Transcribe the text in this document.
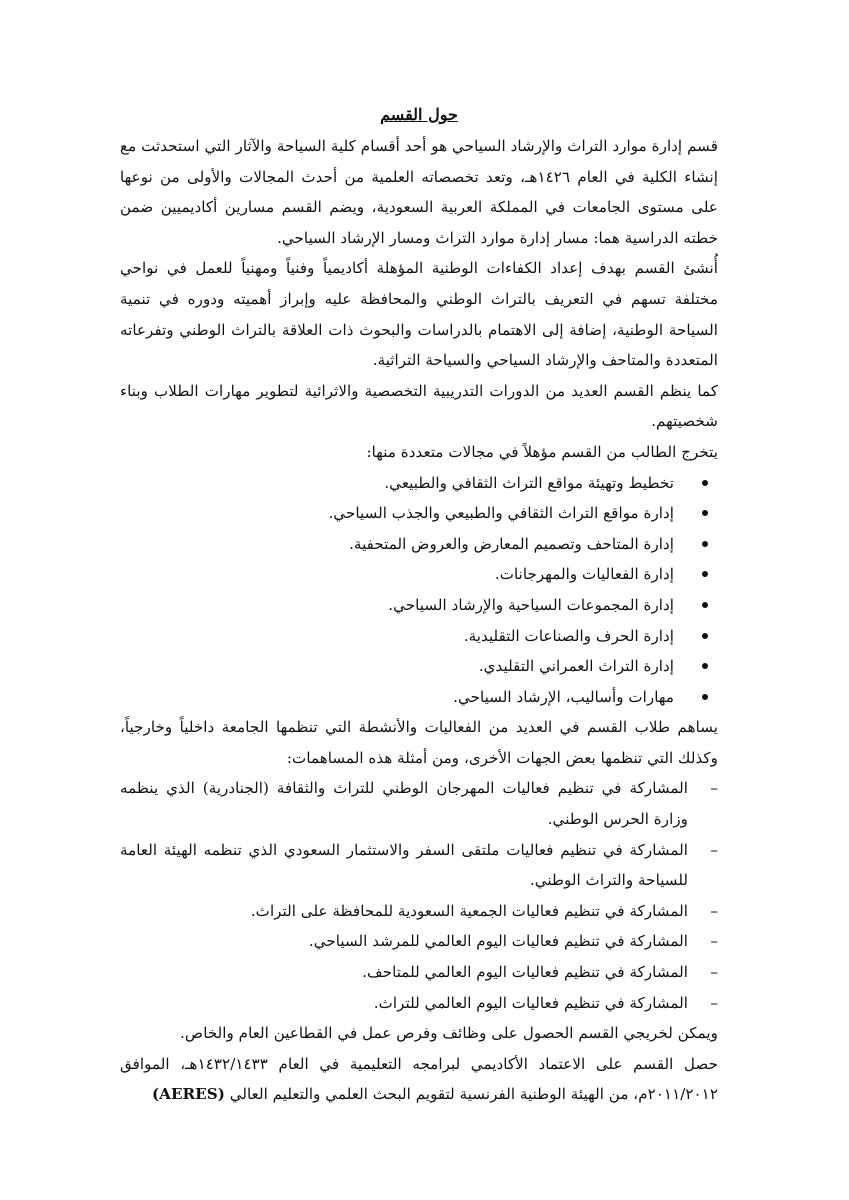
حول القسم

قسم إدارة موارد التراث والإرشاد السياحي هو أحد أقسام كلية السياحة والآثار التي استحدثت مع إنشاء الكلية في العام ١٤٢٦هـ، وتعد تخصصاته العلمية من أحدث المجالات والأولى من نوعها على مستوى الجامعات في المملكة العربية السعودية، ويضم القسم مسارين أكاديميين ضمن خطته الدراسية هما: مسار إدارة موارد التراث ومسار الإرشاد السياحي.

أُنشئ القسم بهدف إعداد الكفاءات الوطنية المؤهلة أكاديمياً وفنياً ومهنياً للعمل في نواحي مختلفة تسهم في التعريف بالتراث الوطني والمحافظة عليه وإبراز أهميته ودوره في تنمية السياحة الوطنية، إضافة إلى الاهتمام بالدراسات والبحوث ذات العلاقة بالتراث الوطني وتفرعاته المتعددة والمتاحف والإرشاد السياحي والسياحة التراثية.

كما ينظم القسم العديد من الدورات التدريبية التخصصية والاثرائية لتطوير مهارات الطلاب وبناء شخصيتهم.

يتخرج الطالب من القسم مؤهلاً في مجالات متعددة منها:

تخطيط وتهيئة مواقع التراث الثقافي والطبيعي.
إدارة مواقع التراث الثقافي والطبيعي والجذب السياحي.
إدارة المتاحف وتصميم المعارض والعروض المتحفية.
إدارة الفعاليات والمهرجانات.
إدارة المجموعات السياحية والإرشاد السياحي.
إدارة الحرف والصناعات التقليدية.
إدارة التراث العمراني التقليدي.
مهارات وأساليب، الإرشاد السياحي.

يساهم طلاب القسم في العديد من الفعاليات والأنشطة التي تنظمها الجامعة داخلياً وخارجياً، وكذلك التي تنظمها بعض الجهات الأخرى، ومن أمثلة هذه المساهمات:

–
المشاركة في تنظيم فعاليات المهرجان الوطني للتراث والثقافة (الجنادرية) الذي ينظمه وزارة الحرس الوطني.
–
المشاركة في تنظيم فعاليات ملتقى السفر والاستثمار السعودي الذي تنظمه الهيئة العامة للسياحة والتراث الوطني.
–
المشاركة في تنظيم فعاليات الجمعية السعودية للمحافظة على التراث.
–
المشاركة في تنظيم فعاليات اليوم العالمي للمرشد السياحي.
–
المشاركة في تنظيم فعاليات اليوم العالمي للمتاحف.
–
المشاركة في تنظيم فعاليات اليوم العالمي للتراث.

ويمكن لخريجي القسم الحصول على وظائف وفرص عمل في القطاعين العام والخاص.

حصل القسم على الاعتماد الأكاديمي لبرامجه التعليمية في العام ١٤٣٢/١٤٣٣هـ، الموافق ٢٠١١/٢٠١٢م، من الهيئة الوطنية الفرنسية لتقويم البحث العلمي والتعليم العالي (AERES)
